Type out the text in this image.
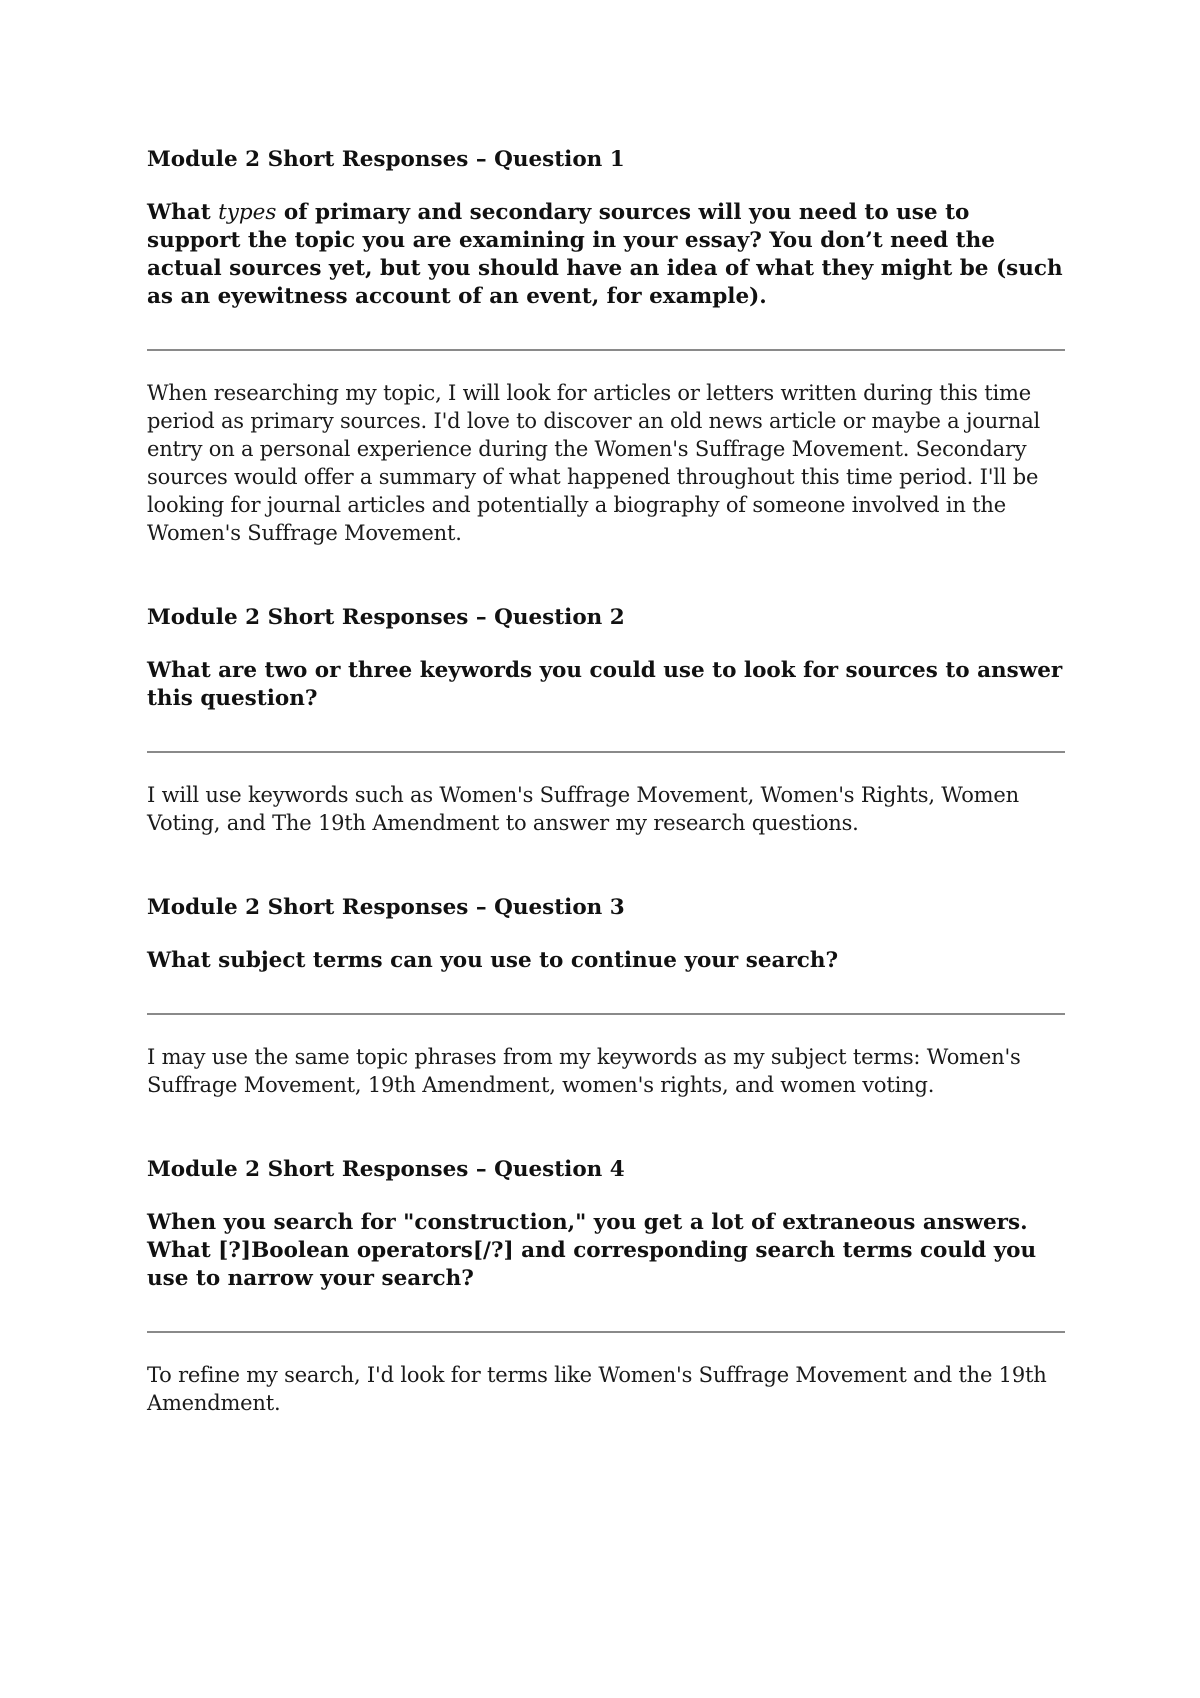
Module 2 Short Responses – Question 1

What types of primary and secondary sources will you need to use to support the topic you are examining in your essay? You don’t need the actual sources yet, but you should have an idea of what they might be (such as an eyewitness account of an event, for example).

When researching my topic, I will look for articles or letters written during this time period as primary sources. I'd love to discover an old news article or maybe a journal entry on a personal experience during the Women's Suffrage Movement. Secondary sources would offer a summary of what happened throughout this time period. I'll be looking for journal articles and potentially a biography of someone involved in the Women's Suffrage Movement.

Module 2 Short Responses – Question 2

What are two or three keywords you could use to look for sources to answer this question?

I will use keywords such as Women's Suffrage Movement, Women's Rights, Women Voting, and The 19th Amendment to answer my research questions.

Module 2 Short Responses – Question 3

What subject terms can you use to continue your search?

I may use the same topic phrases from my keywords as my subject terms: Women's Suffrage Movement, 19th Amendment, women's rights, and women voting.

Module 2 Short Responses – Question 4

When you search for "construction," you get a lot of extraneous answers. What [?]Boolean operators[/?] and corresponding search terms could you use to narrow your search?

To refine my search, I'd look for terms like Women's Suffrage Movement and the 19th Amendment.
